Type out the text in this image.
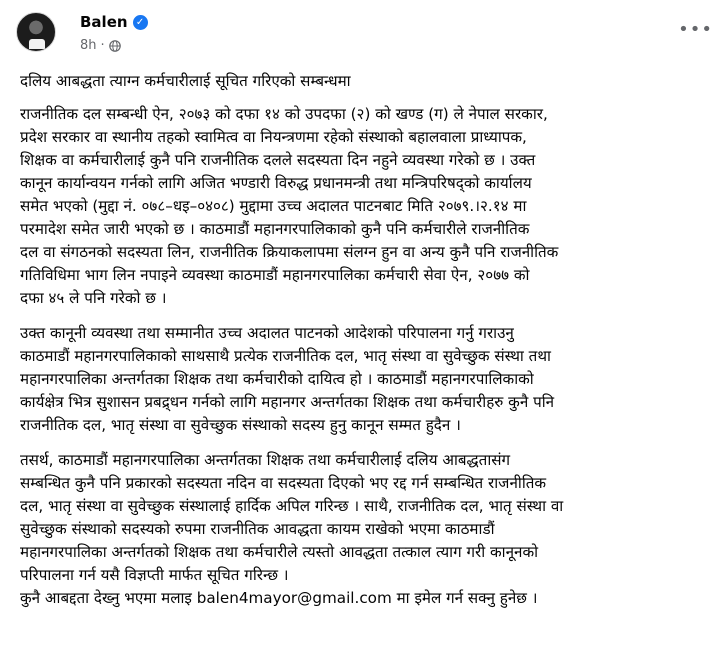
Balen ✓
8h ·
•••

दलिय आबद्धता त्याग्न कर्मचारीलाई सूचित गरिएको सम्बन्धमा

राजनीतिक दल सम्बन्धी ऐन, २०७३ को दफा १४ को उपदफा (२) को खण्ड (ग) ले नेपाल सरकार,
प्रदेश सरकार वा स्थानीय तहको स्वामित्व वा नियन्त्रणमा रहेको संस्थाको बहालवाला प्राध्यापक,
शिक्षक वा कर्मचारीलाई कुनै पनि राजनीतिक दलले सदस्यता दिन नहुने व्यवस्था गरेको छ । उक्त
कानून कार्यान्वयन गर्नको लागि अजित भण्डारी विरुद्ध प्रधानमन्त्री तथा मन्त्रिपरिषद्को कार्यालय
समेत भएको (मुद्दा नं. ०७८–धइ–०४०८) मुद्दामा उच्च अदालत पाटनबाट मिति २०७९.।२.१४ मा
परमादेश समेत जारी भएको छ । काठमाडौं महानगरपालिकाको कुनै पनि कर्मचारीले राजनीतिक
दल वा संगठनको सदस्यता लिन, राजनीतिक क्रियाकलापमा संलग्न हुन वा अन्य कुनै पनि राजनीतिक
गतिविधिमा भाग लिन नपाइने व्यवस्था काठमाडौं महानगरपालिका कर्मचारी सेवा ऐन, २०७७ को
दफा ४५ ले पनि गरेको छ ।

उक्त कानूनी व्यवस्था तथा सम्मानीत उच्च अदालत पाटनको आदेशको परिपालना गर्नु गराउनु
काठमाडौं महानगरपालिकाको साथसाथै प्रत्येक राजनीतिक दल, भातृ संस्था वा सुवेच्छुक संस्था तथा
महानगरपालिका अन्तर्गतका शिक्षक तथा कर्मचारीको दायित्व हो । काठमाडौं महानगरपालिकाको
कार्यक्षेत्र भित्र सुशासन प्रबद्र्धन गर्नको लागि महानगर अन्तर्गतका शिक्षक तथा कर्मचारीहरु कुनै पनि
राजनीतिक दल, भातृ संस्था वा सुवेच्छुक संस्थाको सदस्य हुनु कानून सम्मत हुदैन ।

तसर्थ, काठमाडौं महानगरपालिका अन्तर्गतका शिक्षक तथा कर्मचारीलाई दलिय आबद्धतासंग
सम्बन्धित कुनै पनि प्रकारको सदस्यता नदिन वा सदस्यता दिएको भए रद्द गर्न सम्बन्धित राजनीतिक
दल, भातृ संस्था वा सुवेच्छुक संस्थालाई हार्दिक अपिल गरिन्छ । साथै, राजनीतिक दल, भातृ संस्था वा
सुवेच्छुक संस्थाको सदस्यको रुपमा राजनीतिक आवद्धता कायम राखेको भएमा काठमाडौं
महानगरपालिका अन्तर्गतको शिक्षक तथा कर्मचारीले त्यस्तो आवद्धता तत्काल त्याग गरी कानूनको
परिपालना गर्न यसै विज्ञप्ती मार्फत सूचित गरिन्छ ।
कुनै आबद्दता देख्नु भएमा मलाइ balen4mayor@gmail.com मा इमेल गर्न सक्नु हुनेछ ।
